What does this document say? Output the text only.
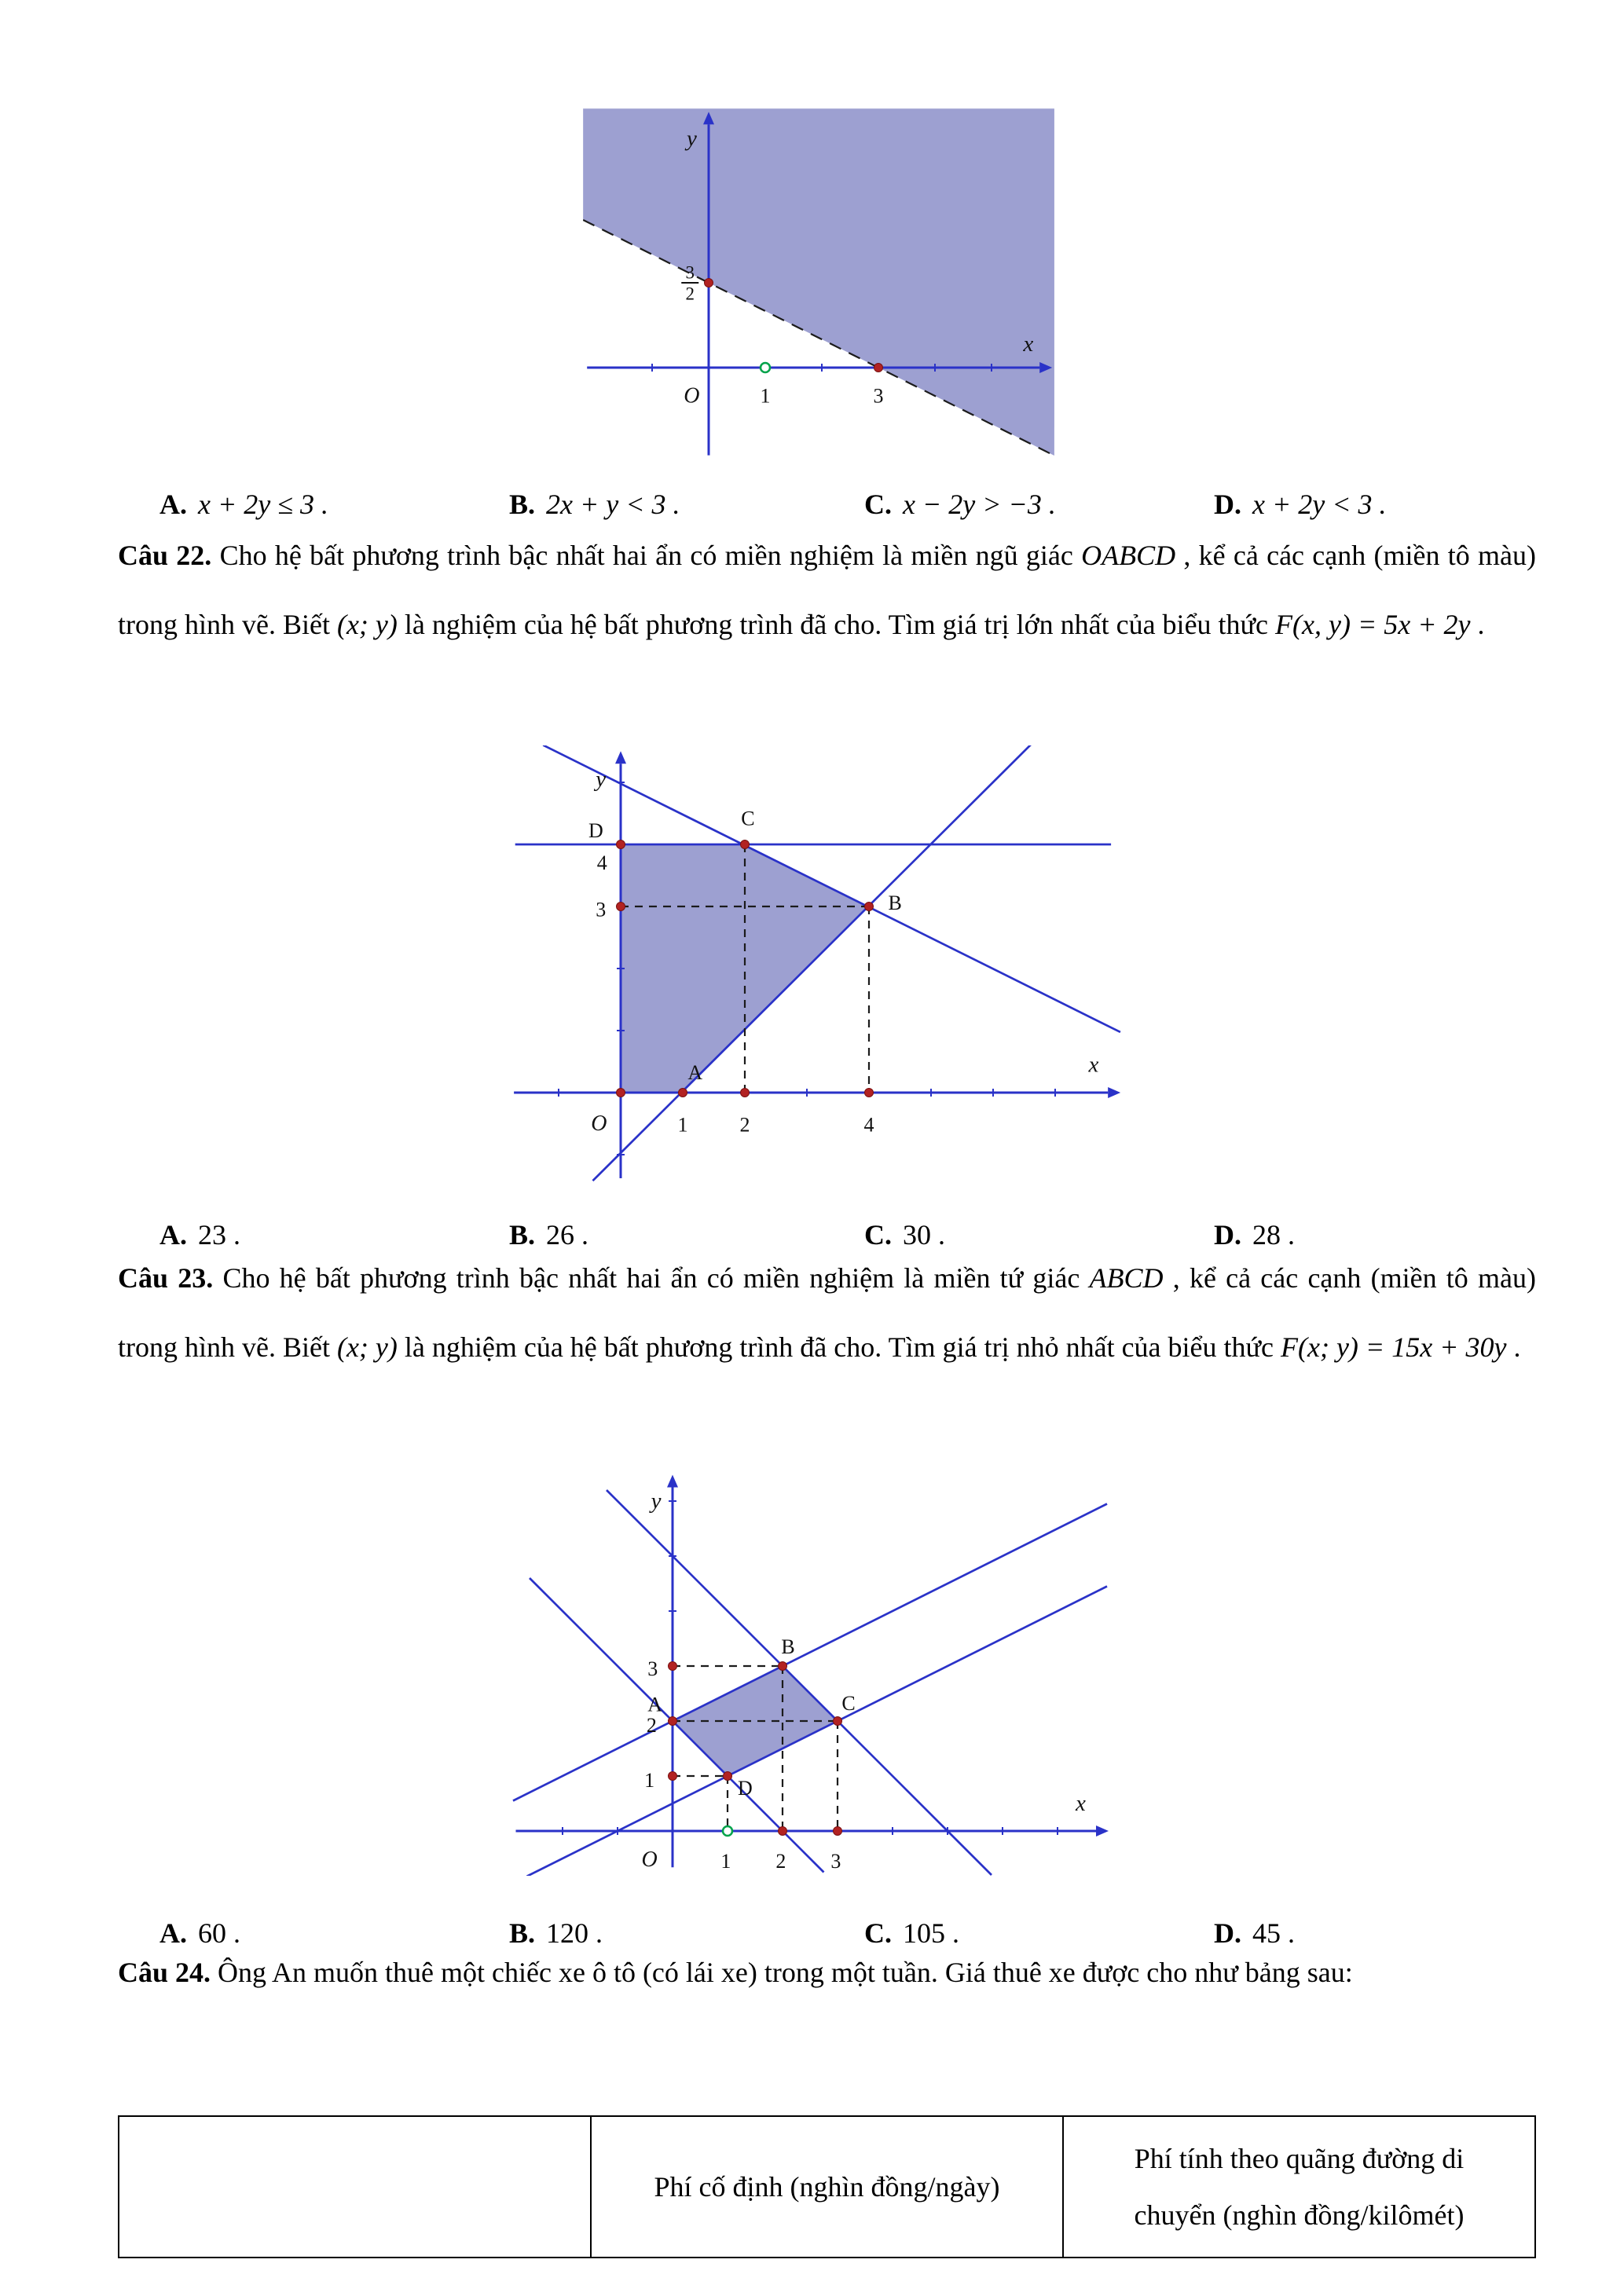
y
x
O	1	3
3
2
A. x + 2y ≤ 3 .	B. 2x + y < 3 .	C. x − 2y > −3 .	D. x + 2y < 3 .

Câu 22. Cho hệ bất phương trình bậc nhất hai ẩn có miền nghiệm là miền ngũ giác OABCD , kể cả các cạnh (miền tô màu) trong hình vẽ. Biết (x; y) là nghiệm của hệ bất phương trình đã cho. Tìm giá trị lớn nhất của biểu thức F(x, y) = 5x + 2y .

y
x
O
D
4
3
C
B
A
1	2	4
A. 23 .	B. 26 .	C. 30 .	D. 28 .

Câu 23. Cho hệ bất phương trình bậc nhất hai ẩn có miền nghiệm là miền tứ giác ABCD , kể cả các cạnh (miền tô màu) trong hình vẽ. Biết (x; y) là nghiệm của hệ bất phương trình đã cho. Tìm giá trị nhỏ nhất của biểu thức F(x; y) = 15x + 30y .

y
x
O
A
B
C
D
3
2
1
1 2 3
A. 60 .	B. 120 .	C. 105 .	D. 45 .

Câu 24. Ông An muốn thuê một chiếc xe ô tô (có lái xe) trong một tuần. Giá thuê xe được cho như bảng sau:

	Phí cố định (nghìn đồng/ngày)	Phí tính theo quãng đường di chuyển (nghìn đồng/kilômét)
